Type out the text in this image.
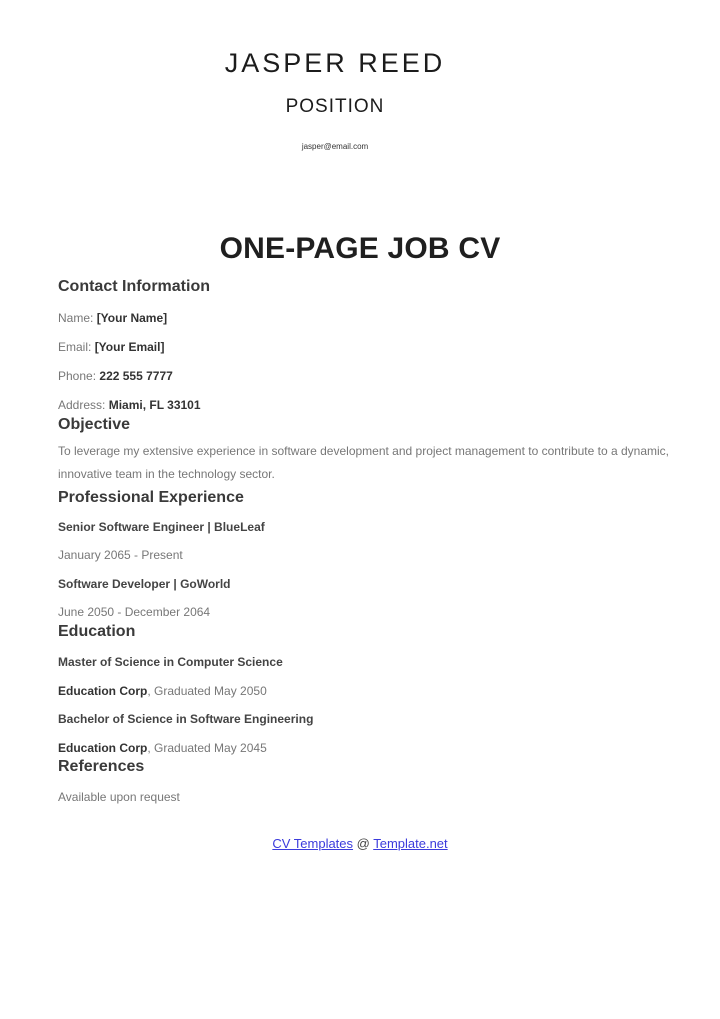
JASPER REED
POSITION
jasper@email.com
ONE-PAGE JOB CV
Contact Information

Name: [Your Name]

Email: [Your Email]

Phone: 222 555 7777

Address: Miami, FL 33101

Objective

To leverage my extensive experience in software development and project management to contribute to a dynamic, innovative team in the technology sector.

Professional Experience

Senior Software Engineer | BlueLeaf

January 2065 - Present

Software Developer | GoWorld

June 2050 - December 2064

Education

Master of Science in Computer Science

Education Corp, Graduated May 2050

Bachelor of Science in Software Engineering

Education Corp, Graduated May 2045

References

Available upon request

CV Templates @ Template.net
